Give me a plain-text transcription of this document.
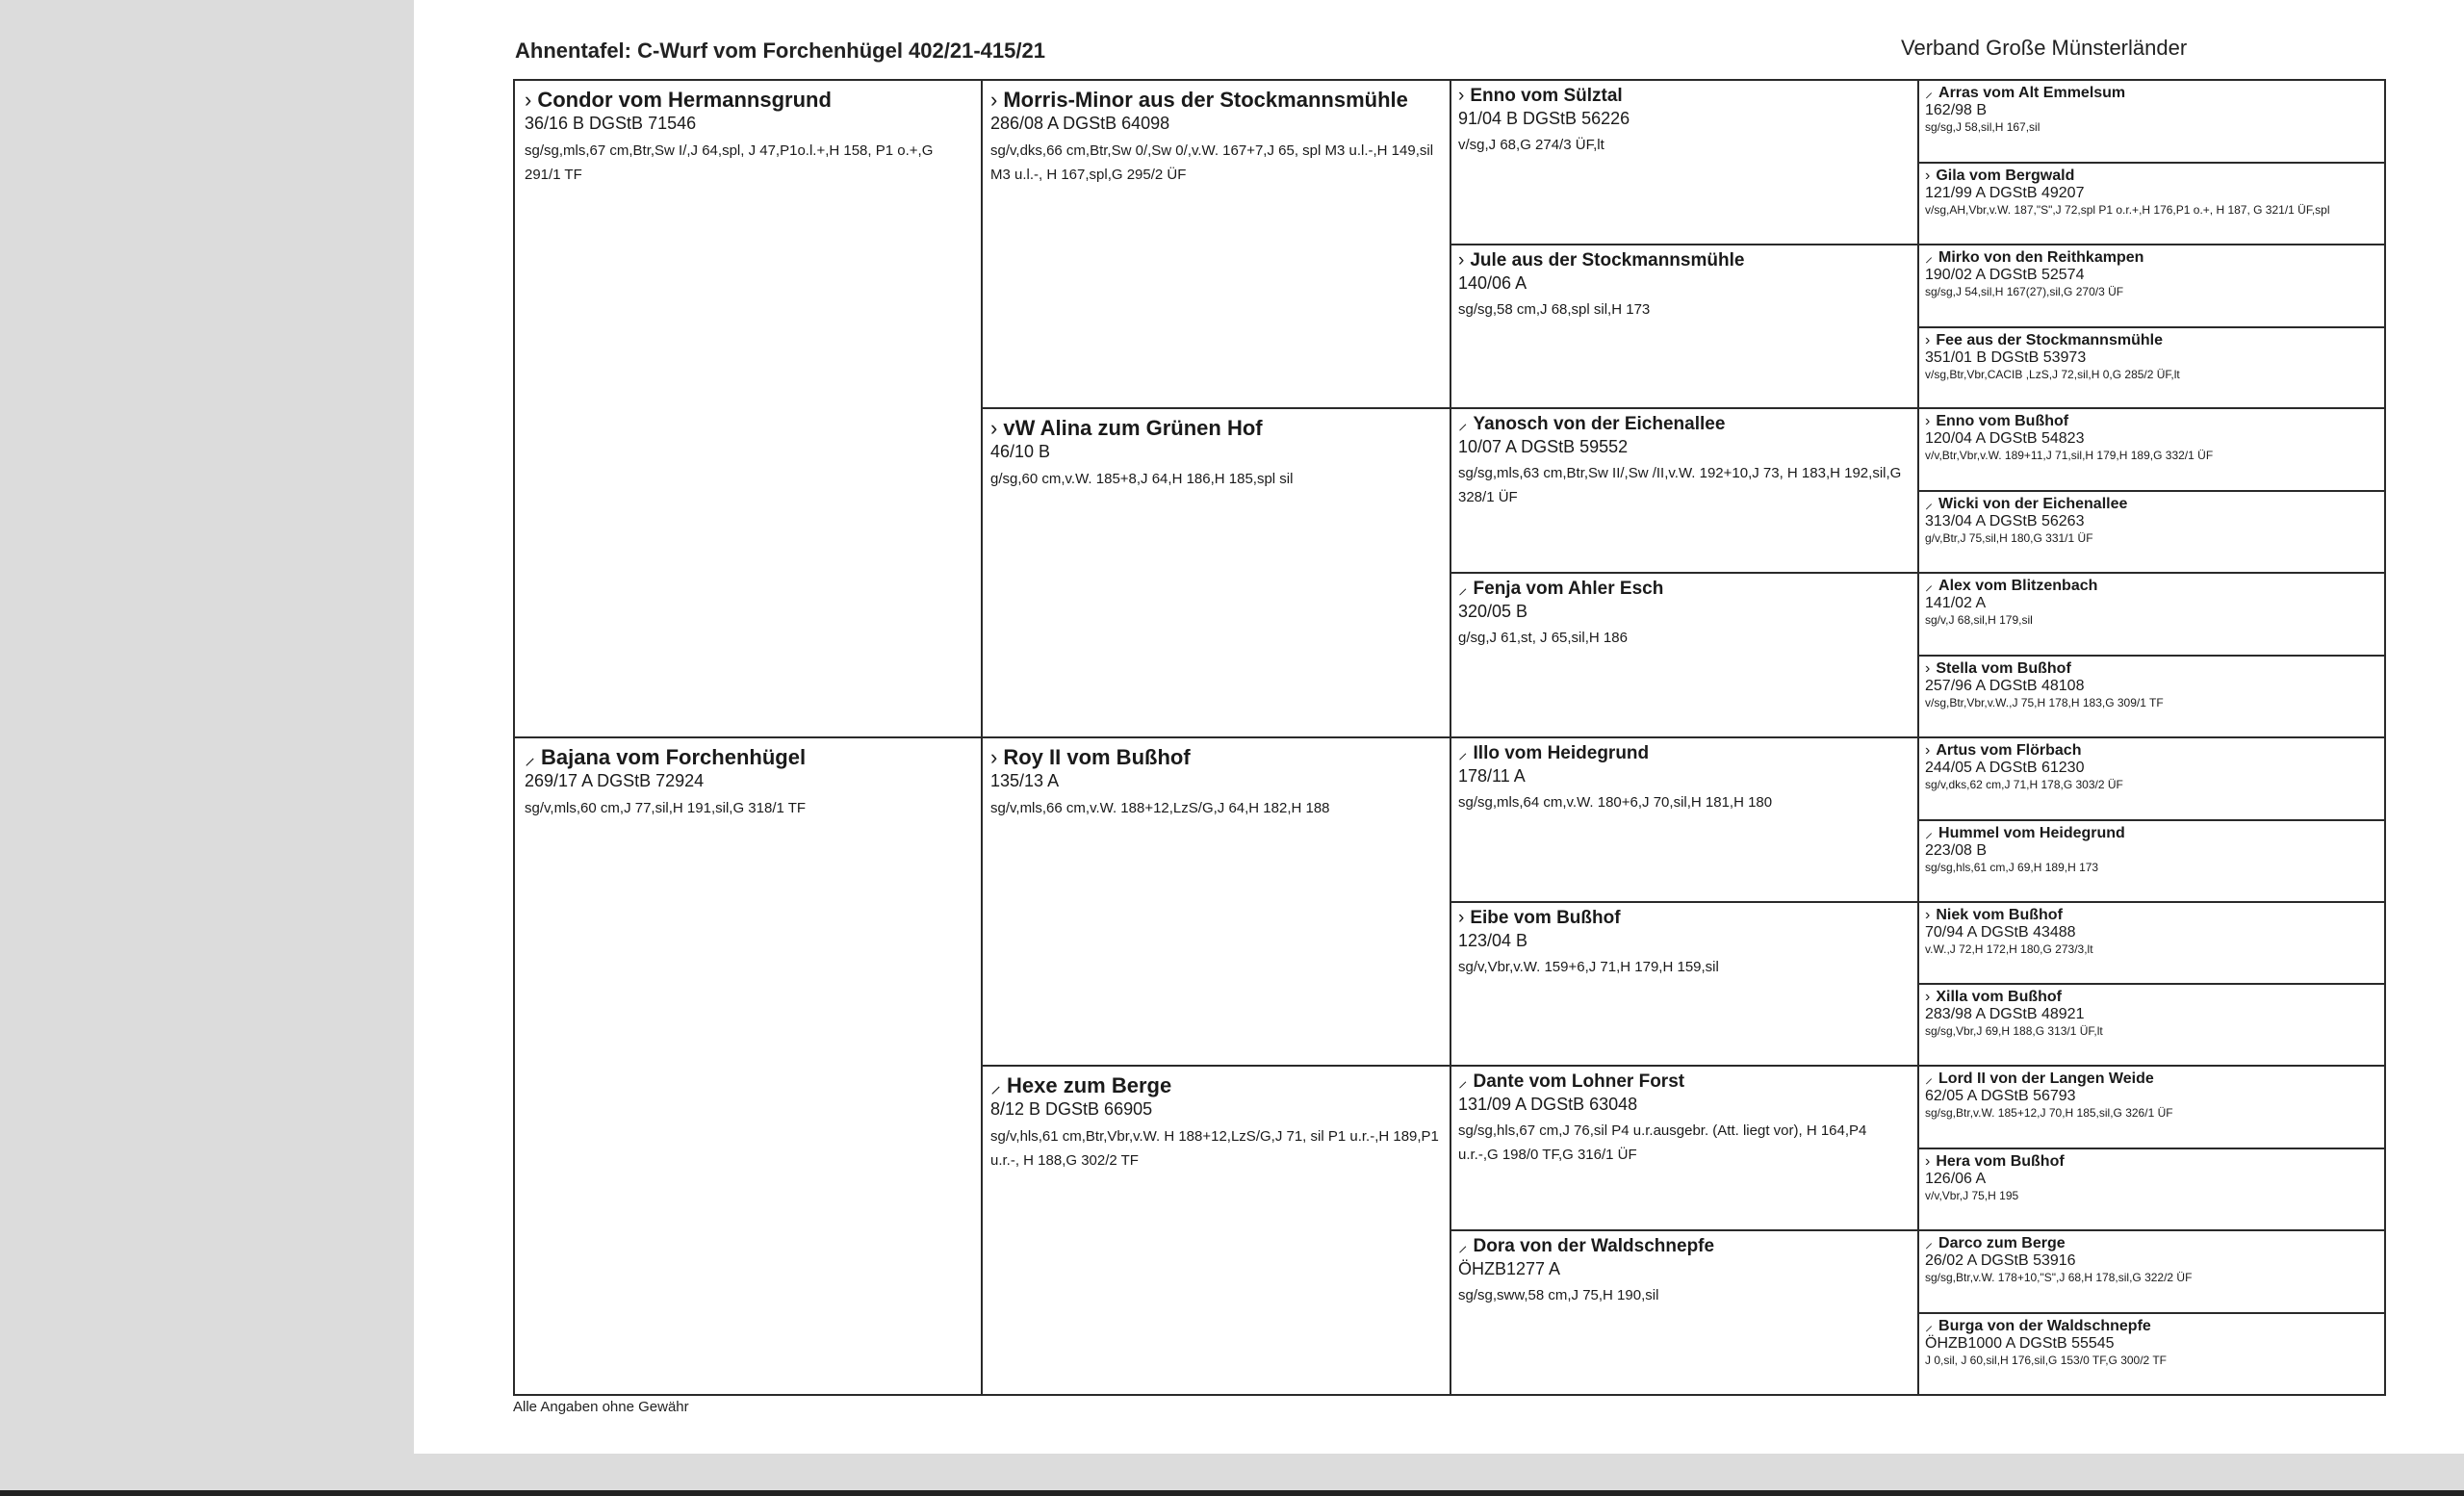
Ahnentafel: C-Wurf vom Forchenhügel 402/21-415/21	Verband Große Münsterländer
› Condor vom Hermannsgrund
36/16 B DGStB 71546
sg/sg,mls,67 cm,Btr,Sw I/,J 64,spl, J 47,P1o.l.+,H 158, P1 o.+,G 291/1 TF
⸝ Bajana vom Forchenhügel
269/17 A DGStB 72924
sg/v,mls,60 cm,J 77,sil,H 191,sil,G 318/1 TF
› Morris-Minor aus der Stockmannsmühle
286/08 A DGStB 64098
sg/v,dks,66 cm,Btr,Sw 0/,Sw 0/,v.W. 167+7,J 65, spl M3 u.l.-,H 149,sil M3 u.l.-, H 167,spl,G 295/2 ÜF
› vW Alina zum Grünen Hof
46/10 B
g/sg,60 cm,v.W. 185+8,J 64,H 186,H 185,spl sil
› Roy II vom Bußhof
135/13 A
sg/v,mls,66 cm,v.W. 188+12,LzS/G,J 64,H 182,H 188
⸝ Hexe zum Berge
8/12 B DGStB 66905
sg/v,hls,61 cm,Btr,Vbr,v.W. H 188+12,LzS/G,J 71, sil P1 u.r.-,H 189,P1 u.r.-, H 188,G 302/2 TF
› Enno vom Sülztal
91/04 B DGStB 56226
v/sg,J 68,G 274/3 ÜF,lt
› Jule aus der Stockmannsmühle
140/06 A
sg/sg,58 cm,J 68,spl sil,H 173
⸝ Yanosch von der Eichenallee
10/07 A DGStB 59552
sg/sg,mls,63 cm,Btr,Sw II/,Sw /II,v.W. 192+10,J 73, H 183,H 192,sil,G 328/1 ÜF
⸝ Fenja vom Ahler Esch
320/05 B
g/sg,J 61,st, J 65,sil,H 186
⸝ Illo vom Heidegrund
178/11 A
sg/sg,mls,64 cm,v.W. 180+6,J 70,sil,H 181,H 180
› Eibe vom Bußhof
123/04 B
sg/v,Vbr,v.W. 159+6,J 71,H 179,H 159,sil
⸝ Dante vom Lohner Forst
131/09 A DGStB 63048
sg/sg,hls,67 cm,J 76,sil P4 u.r.ausgebr. (Att. liegt vor), H 164,P4 u.r.-,G 198/0 TF,G 316/1 ÜF
⸝ Dora von der Waldschnepfe
ÖHZB1277 A
sg/sg,sww,58 cm,J 75,H 190,sil
⸝ Arras vom Alt Emmelsum
162/98 B
sg/sg,J 58,sil,H 167,sil
› Gila vom Bergwald
121/99 A DGStB 49207
v/sg,AH,Vbr,v.W. 187,"S",J 72,spl P1 o.r.+,H 176,P1 o.+, H 187, G 321/1 ÜF,spl
⸝ Mirko von den Reithkampen
190/02 A DGStB 52574
sg/sg,J 54,sil,H 167(27),sil,G 270/3 ÜF
› Fee aus der Stockmannsmühle
351/01 B DGStB 53973
v/sg,Btr,Vbr,CACIB ,LzS,J 72,sil,H 0,G 285/2 ÜF,lt
› Enno vom Bußhof
120/04 A DGStB 54823
v/v,Btr,Vbr,v.W. 189+11,J 71,sil,H 179,H 189,G 332/1 ÜF
⸝ Wicki von der Eichenallee
313/04 A DGStB 56263
g/v,Btr,J 75,sil,H 180,G 331/1 ÜF
⸝ Alex vom Blitzenbach
141/02 A
sg/v,J 68,sil,H 179,sil
› Stella vom Bußhof
257/96 A DGStB 48108
v/sg,Btr,Vbr,v.W.,J 75,H 178,H 183,G 309/1 TF
› Artus vom Flörbach
244/05 A DGStB 61230
sg/v,dks,62 cm,J 71,H 178,G 303/2 ÜF
⸝ Hummel vom Heidegrund
223/08 B
sg/sg,hls,61 cm,J 69,H 189,H 173
› Niek vom Bußhof
70/94 A DGStB 43488
v.W.,J 72,H 172,H 180,G 273/3,lt
› Xilla vom Bußhof
283/98 A DGStB 48921
sg/sg,Vbr,J 69,H 188,G 313/1 ÜF,lt
⸝ Lord II von der Langen Weide
62/05 A DGStB 56793
sg/sg,Btr,v.W. 185+12,J 70,H 185,sil,G 326/1 ÜF
› Hera vom Bußhof
126/06 A
v/v,Vbr,J 75,H 195
⸝ Darco zum Berge
26/02 A DGStB 53916
sg/sg,Btr,v.W. 178+10,"S",J 68,H 178,sil,G 322/2 ÜF
⸝ Burga von der Waldschnepfe
ÖHZB1000 A DGStB 55545
J 0,sil, J 60,sil,H 176,sil,G 153/0 TF,G 300/2 TF
Alle Angaben ohne Gewähr
